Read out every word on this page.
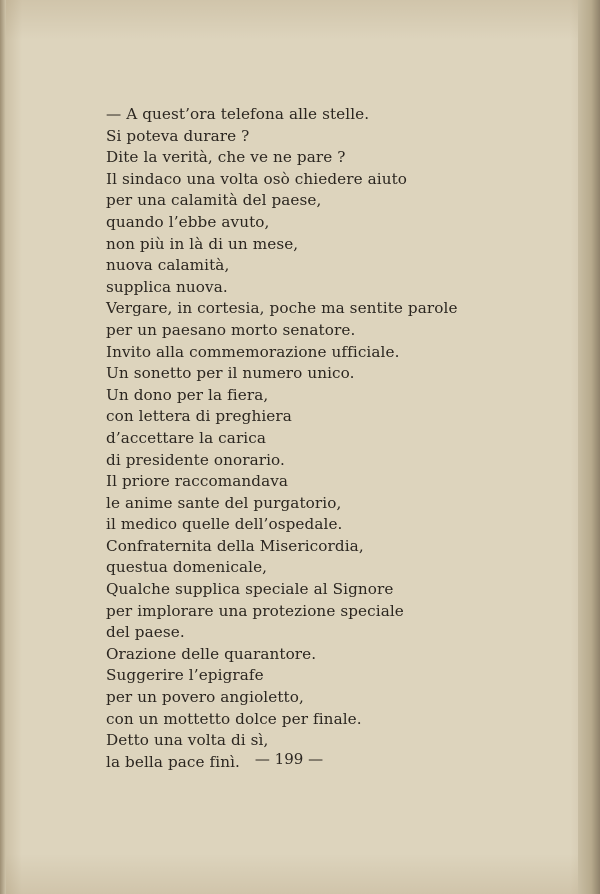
— A quest’ora telefona alle stelle.
Si poteva durare ?
Dite la verità, che ve ne pare ?
Il sindaco una volta osò chiedere aiuto
per una calamità del paese,
quando l’ebbe avuto,
non più in là di un mese,
nuova calamità,
supplica nuova.
Vergare, in cortesia, poche ma sentite parole
per un paesano morto senatore.
Invito alla commemorazione ufficiale.
Un sonetto per il numero unico.
Un dono per la fiera,
con lettera di preghiera
d’accettare la carica
di presidente onorario.
Il priore raccomandava
le anime sante del purgatorio,
il medico quelle dell’ospedale.
Confraternita della Misericordia,
questua domenicale,
Qualche supplica speciale al Signore
per implorare una protezione speciale
del paese.
Orazione delle quarantore.
Suggerire l’epigrafe
per un povero angioletto,
con un mottetto dolce per finale.
Detto una volta di sì,
la bella pace finì. — 199 —
